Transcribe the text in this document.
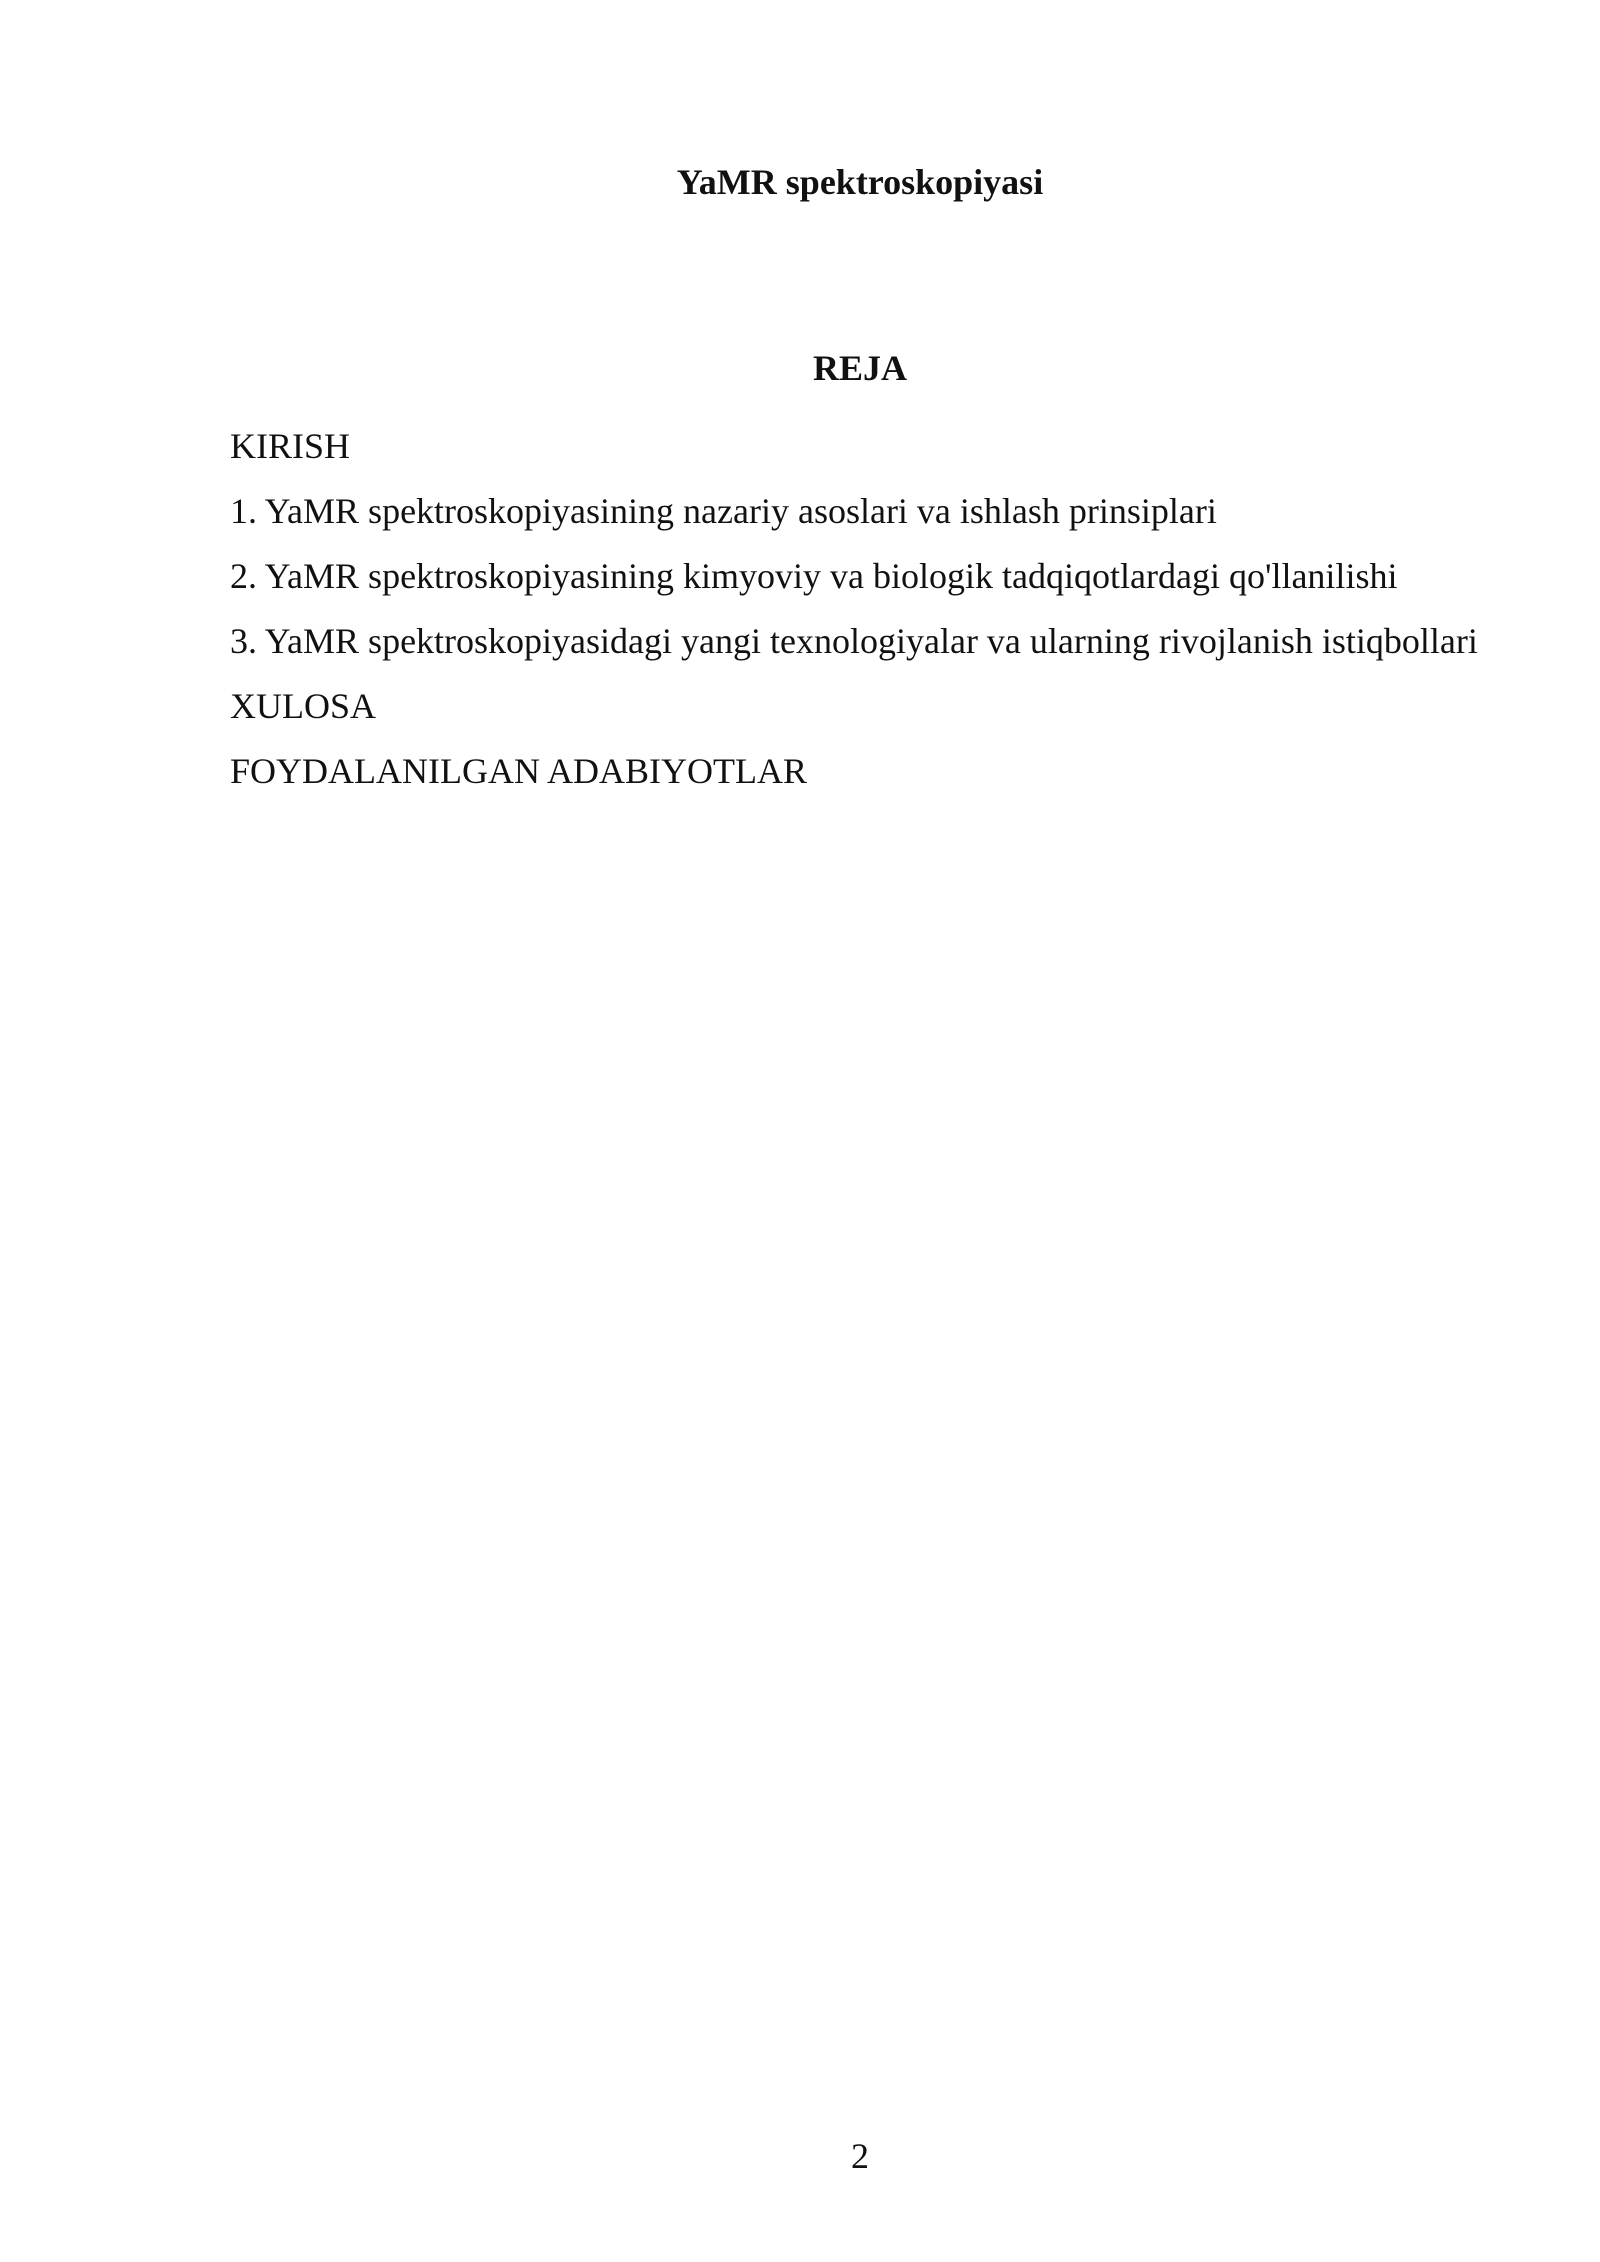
YaMR spektroskopiyasi
REJA
KIRISH
1. YaMR spektroskopiyasining nazariy asoslari va ishlash prinsiplari
2. YaMR spektroskopiyasining kimyoviy va biologik tadqiqotlardagi qo'llanilishi
3. YaMR spektroskopiyasidagi yangi texnologiyalar va ularning rivojlanish istiqbollari
XULOSA
FOYDALANILGAN ADABIYOTLAR
2
